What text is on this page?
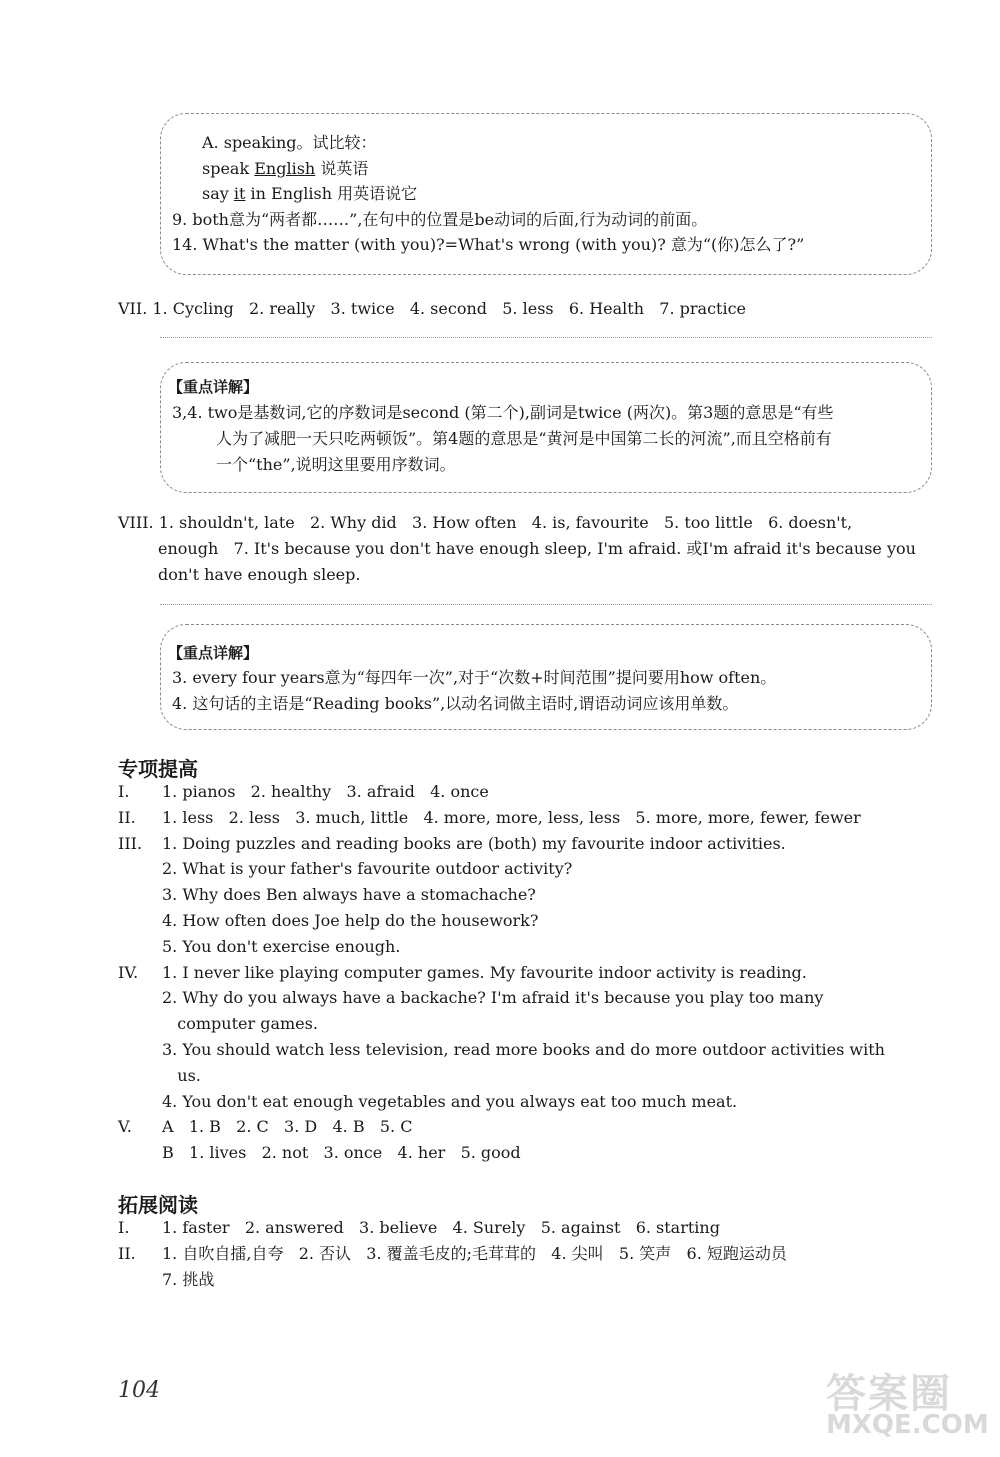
A. speaking。试比较：
speak English 说英语
say it in English 用英语说它
9. both意为“两者都……”,在句中的位置是be动词的后面,行为动词的前面。
14. What's the matter (with you)?=What's wrong (with you)? 意为“(你)怎么了?”
VII. 1. Cycling   2. really   3. twice   4. second   5. less   6. Health   7. practice
【重点详解】
3,4. two是基数词,它的序数词是second (第二个),副词是twice (两次)。第3题的意思是“有些
人为了减肥一天只吃两顿饭”。第4题的意思是“黄河是中国第二长的河流”,而且空格前有
一个“the”,说明这里要用序数词。
VIII. 1. shouldn't, late   2. Why did   3. How often   4. is, favourite   5. too little   6. doesn't,
enough   7. It's because you don't have enough sleep, I'm afraid. 或I'm afraid it's because you
don't have enough sleep.
【重点详解】
3. every four years意为“每四年一次”,对于“次数+时间范围”提问要用how often。
4. 这句话的主语是“Reading books”,以动名词做主语时,谓语动词应该用单数。
专项提高
I. 1. pianos   2. healthy   3. afraid   4. once
II. 1. less   2. less   3. much, little   4. more, more, less, less   5. more, more, fewer, fewer
III. 1. Doing puzzles and reading books are (both) my favourite indoor activities.
2. What is your father's favourite outdoor activity?
3. Why does Ben always have a stomachache?
4. How often does Joe help do the housework?
5. You don't exercise enough.
IV. 1. I never like playing computer games. My favourite indoor activity is reading.
2. Why do you always have a backache? I'm afraid it's because you play too many
computer games.
3. You should watch less television, read more books and do more outdoor activities with
us.
4. You don't eat enough vegetables and you always eat too much meat.
V. A   1. B   2. C   3. D   4. B   5. C
B   1. lives   2. not   3. once   4. her   5. good
拓展阅读
I. 1. faster   2. answered   3. believe   4. Surely   5. against   6. starting
II. 1. 自吹自擂,自夸   2. 否认   3. 覆盖毛皮的;毛茸茸的   4. 尖叫   5. 笑声   6. 短跑运动员
7. 挑战
104	答案圈
MXQE.COM
